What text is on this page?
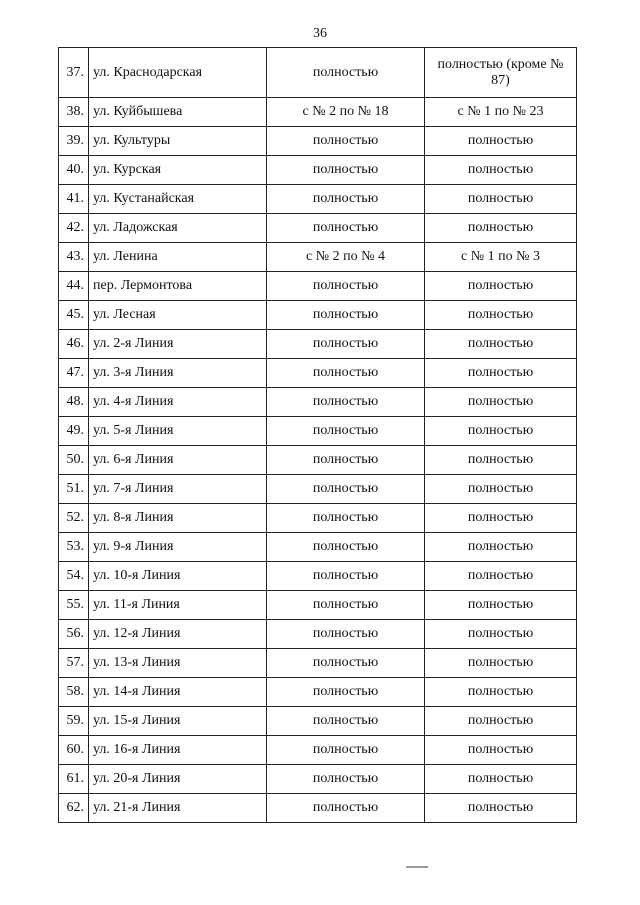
36
37.	ул. Краснодарская	полностью	полностью (кроме № 87)
38.	ул. Куйбышева	с № 2 по № 18	с № 1 по № 23
39.	ул. Культуры	полностью	полностью
40.	ул. Курская	полностью	полностью
41.	ул. Кустанайская	полностью	полностью
42.	ул. Ладожская	полностью	полностью
43.	ул. Ленина	с № 2 по № 4	с № 1 по № 3
44.	пер. Лермонтова	полностью	полностью
45.	ул. Лесная	полностью	полностью
46.	ул. 2-я Линия	полностью	полностью
47.	ул. 3-я Линия	полностью	полностью
48.	ул. 4-я Линия	полностью	полностью
49.	ул. 5-я Линия	полностью	полностью
50.	ул. 6-я Линия	полностью	полностью
51.	ул. 7-я Линия	полностью	полностью
52.	ул. 8-я Линия	полностью	полностью
53.	ул. 9-я Линия	полностью	полностью
54.	ул. 10-я Линия	полностью	полностью
55.	ул. 11-я Линия	полностью	полностью
56.	ул. 12-я Линия	полностью	полностью
57.	ул. 13-я Линия	полностью	полностью
58.	ул. 14-я Линия	полностью	полностью
59.	ул. 15-я Линия	полностью	полностью
60.	ул. 16-я Линия	полностью	полностью
61.	ул. 20-я Линия	полностью	полностью
62.	ул. 21-я Линия	полностью	полностью
